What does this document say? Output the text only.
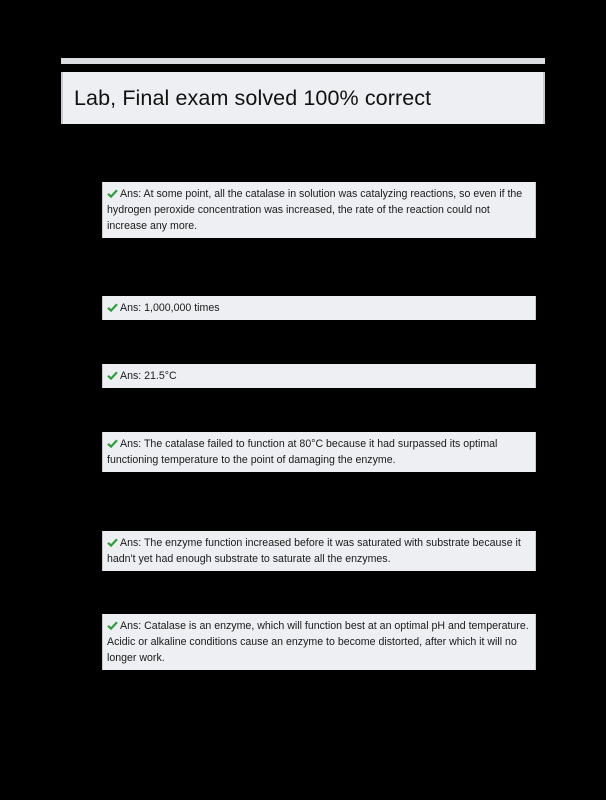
Lab, Final exam solved 100% correct
Ans: At some point, all the catalase in solution was catalyzing reactions, so even if the hydrogen peroxide concentration was increased, the rate of the reaction could not increase any more.
Ans: 1,000,000 times
Ans: 21.5°C
Ans: The catalase failed to function at 80°C because it had surpassed its optimal functioning temperature to the point of damaging the enzyme.
Ans: The enzyme function increased before it was saturated with substrate because it hadn't yet had enough substrate to saturate all the enzymes.
Ans: Catalase is an enzyme, which will function best at an optimal pH and temperature. Acidic or alkaline conditions cause an enzyme to become distorted, after which it will no longer work.
